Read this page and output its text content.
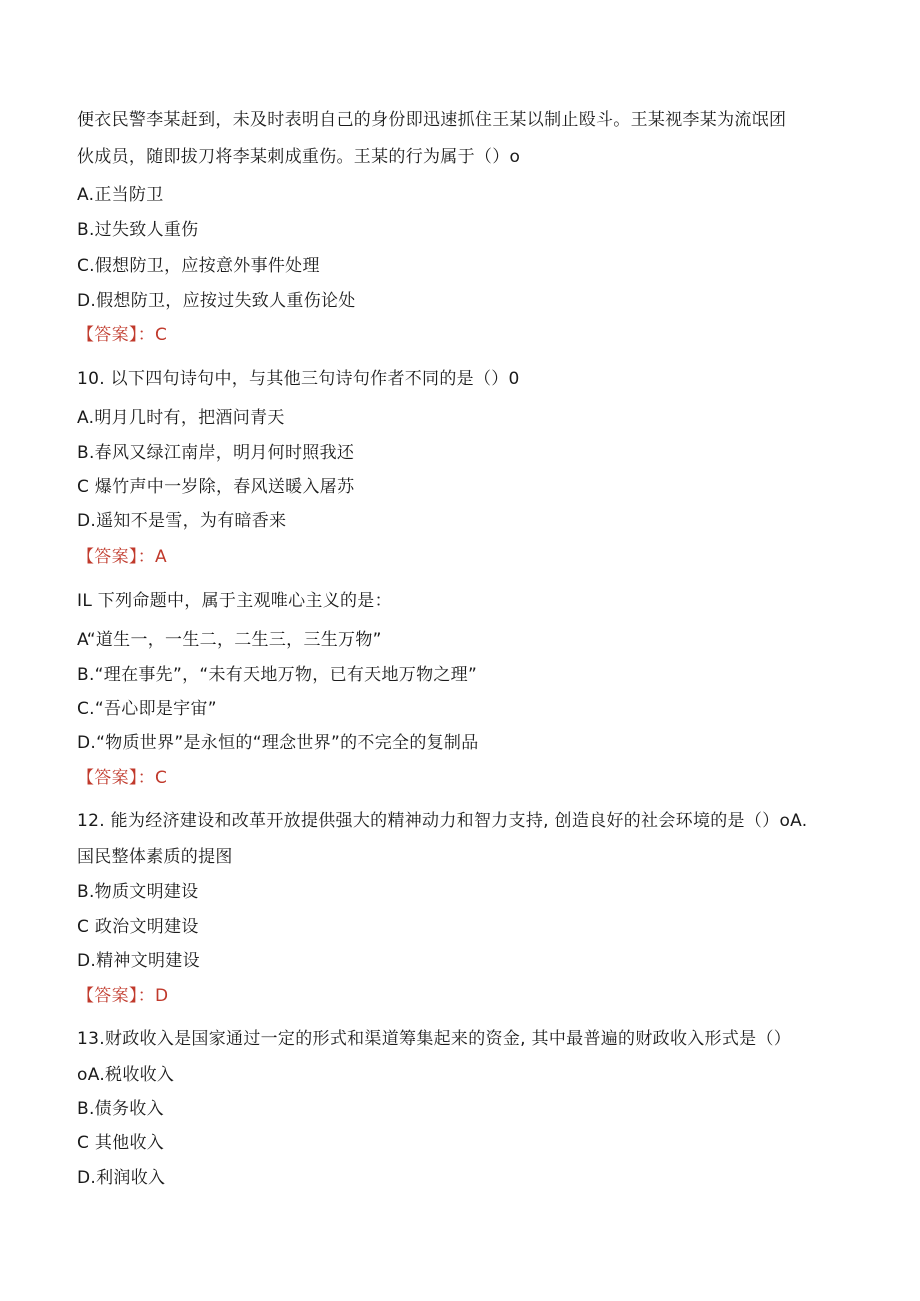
便衣民警李某赶到，未及时表明自己的身份即迅速抓住王某以制止殴斗。王某视李某为流氓团
伙成员，随即拔刀将李某刺成重伤。王某的行为属于（）o
A.正当防卫
B.过失致人重伤
C.假想防卫，应按意外事件处理
D.假想防卫，应按过失致人重伤论处
【答案】：C
10. 以下四句诗句中，与其他三句诗句作者不同的是（）0
A.明月几时有，把酒问青天
B.春风又绿江南岸，明月何时照我还
C 爆竹声中一岁除，春风送暖入屠苏
D.遥知不是雪，为有暗香来
【答案】：A
IL 下列命题中，属于主观唯心主义的是：
A“道生一，一生二，二生三，三生万物”
B.“理在事先”，“未有天地万物，已有天地万物之理”
C.“吾心即是宇宙”
D.“物质世界”是永恒的“理念世界”的不完全的复制品
【答案】：C
12. 能为经济建设和改革开放提供强大的精神动力和智力支持, 创造良好的社会环境的是（）oA.
国民整体素质的提图
B.物质文明建设
C 政治文明建设
D.精神文明建设
【答案】：D
13.财政收入是国家通过一定的形式和渠道筹集起来的资金, 其中最普遍的财政收入形式是（）
oA.税收收入
B.债务收入
C 其他收入
D.利润收入
